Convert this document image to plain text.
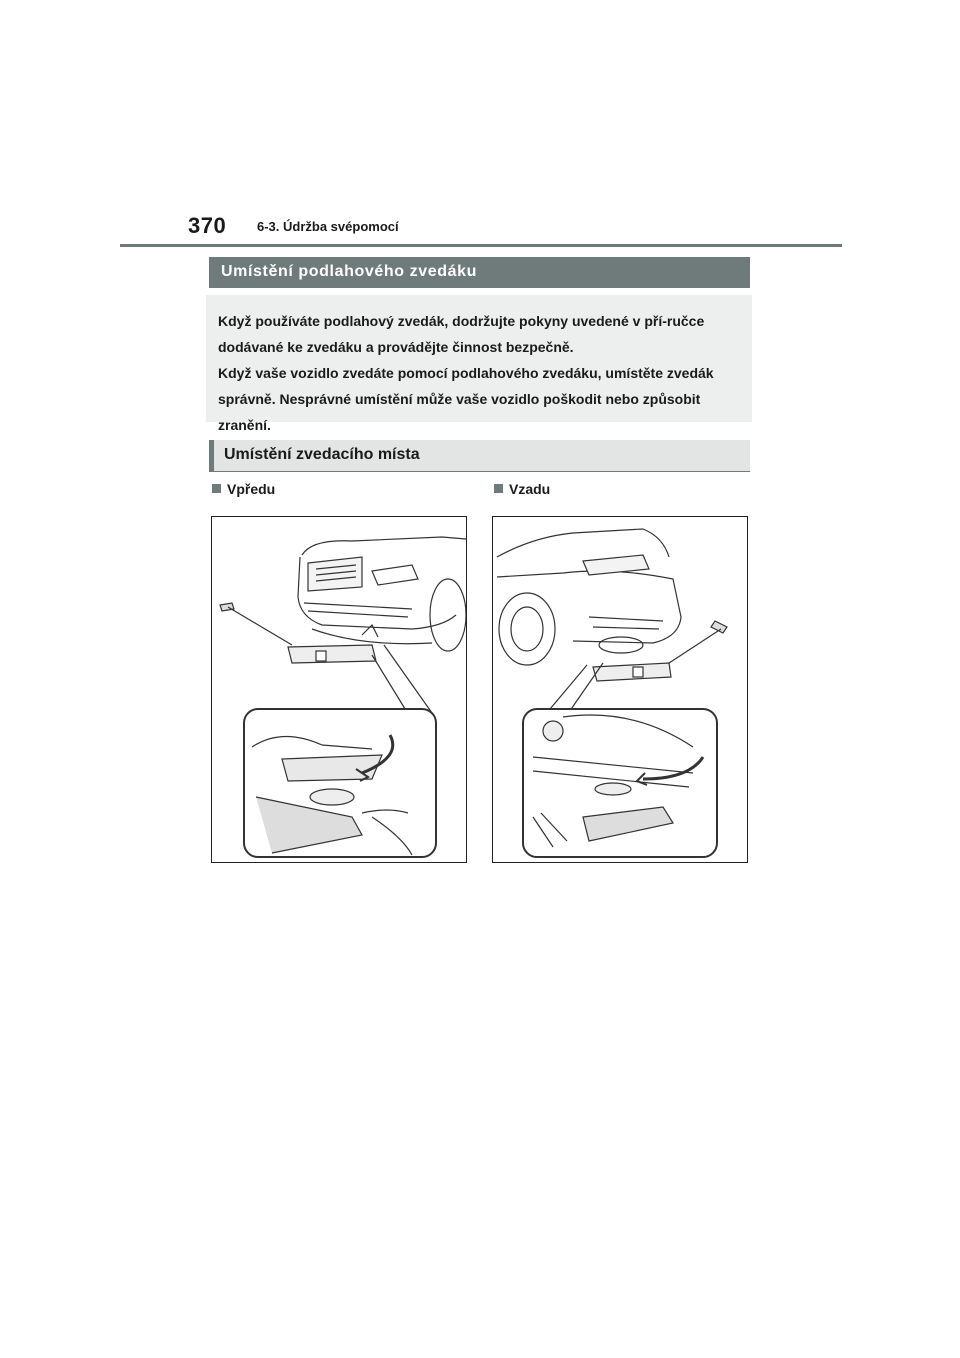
370 6-3. Údržba svépomocí
Umístění podlahového zvedáku

Když používáte podlahový zvedák, dodržujte pokyny uvedené v pří-ručce dodávané ke zvedáku a provádějte činnost bezpečně.

Když vaše vozidlo zvedáte pomocí podlahového zvedáku, umístěte zvedák správně. Nesprávné umístění může vaše vozidlo poškodit nebo způsobit zranění.

Umístění zvedacího místa
Vpředu	Vzadu
